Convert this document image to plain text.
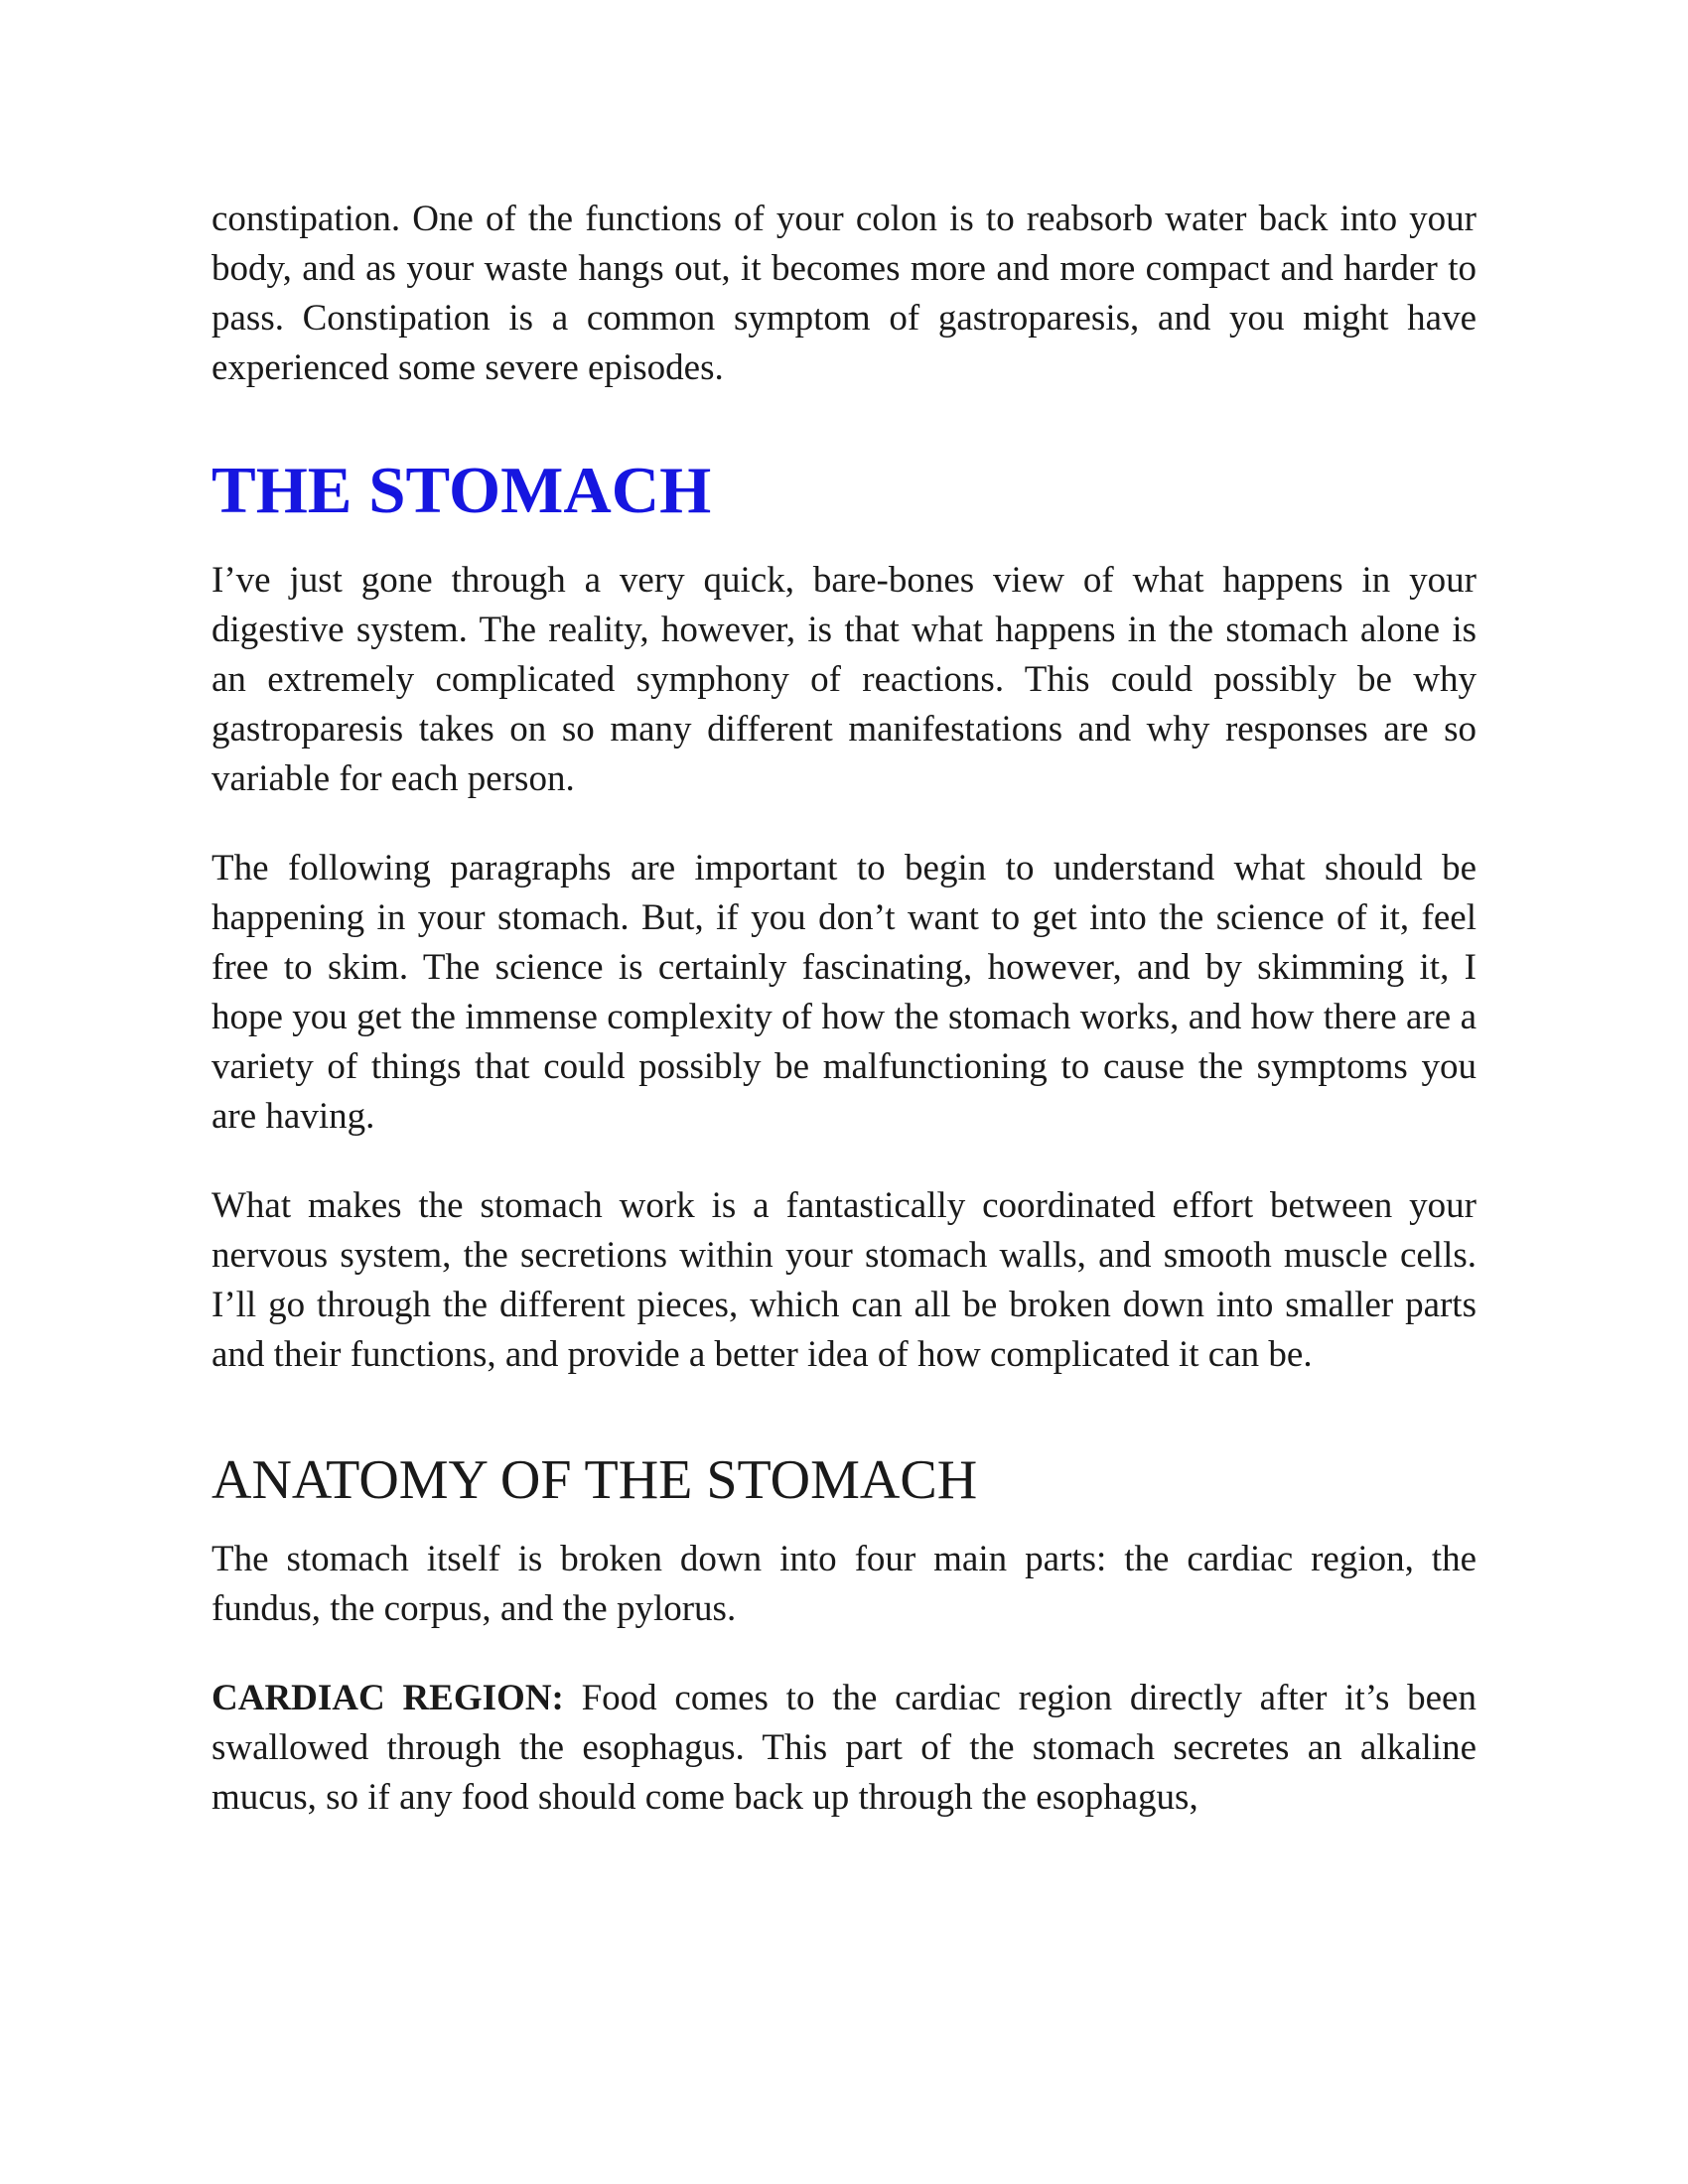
constipation. One of the functions of your colon is to reabsorb water back into your body, and as your waste hangs out, it becomes more and more compact and harder to pass. Constipation is a common symptom of gastroparesis, and you might have experienced some severe episodes.

THE STOMACH

I’ve just gone through a very quick, bare-bones view of what happens in your digestive system. The reality, however, is that what happens in the stomach alone is an extremely complicated symphony of reactions. This could possibly be why gastroparesis takes on so many different manifestations and why responses are so variable for each person.

The following paragraphs are important to begin to understand what should be happening in your stomach. But, if you don’t want to get into the science of it, feel free to skim. The science is certainly fascinating, however, and by skimming it, I hope you get the immense complexity of how the stomach works, and how there are a variety of things that could possibly be malfunctioning to cause the symptoms you are having.

What makes the stomach work is a fantastically coordinated effort between your nervous system, the secretions within your stomach walls, and smooth muscle cells. I’ll go through the different pieces, which can all be broken down into smaller parts and their functions, and provide a better idea of how complicated it can be.

ANATOMY OF THE STOMACH

The stomach itself is broken down into four main parts: the cardiac region, the fundus, the corpus, and the pylorus.

CARDIAC REGION: Food comes to the cardiac region directly after it’s been swallowed through the esophagus. This part of the stomach secretes an alkaline mucus, so if any food should come back up through the esophagus,
